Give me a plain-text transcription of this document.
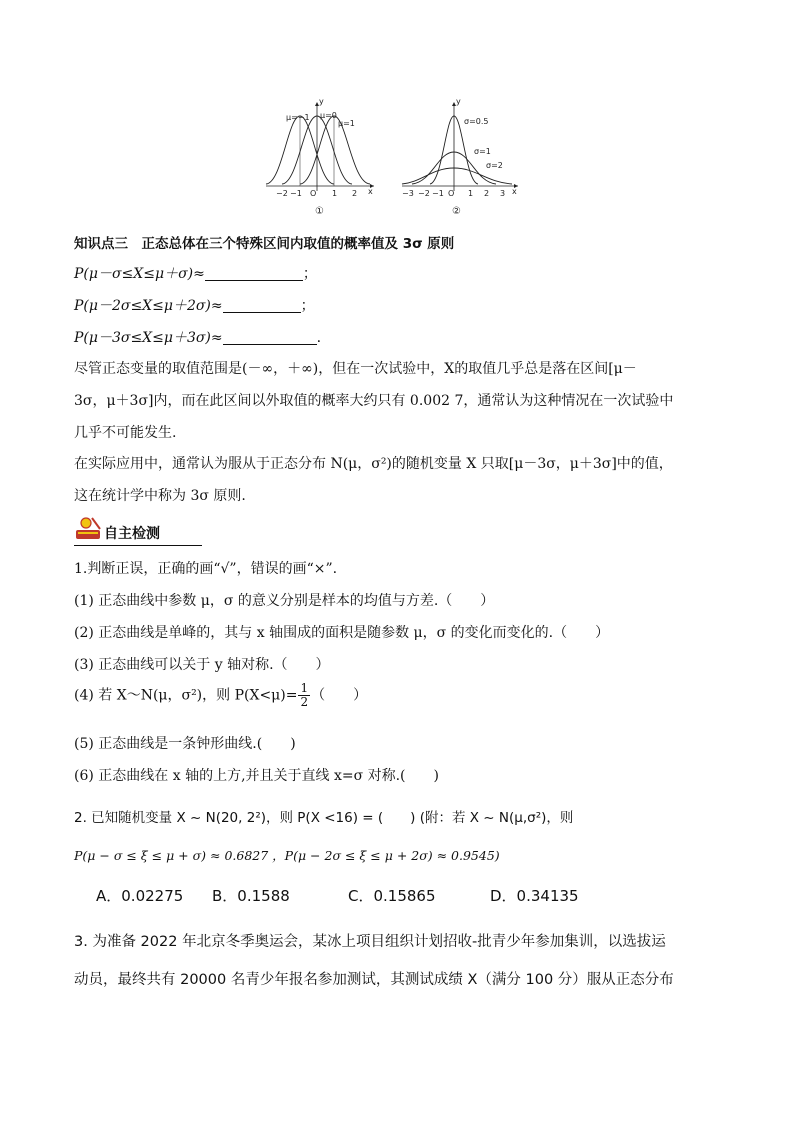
y
x
μ=−1 μ=0
μ=1
−2 −1 O 1 2
①
y
x
σ=0.5
σ=1
σ=2
−3 −2 −1 O 1 2 3
②
知识点三　正态总体在三个特殊区间内取值的概率值及 3σ 原则
P(μ－σ≤X≤μ＋σ)≈	；
P(μ－2σ≤X≤μ＋2σ)≈	；
P(μ－3σ≤X≤μ＋3σ)≈	.
尽管正态变量的取值范围是(－∞，＋∞)，但在一次试验中，X的取值几乎总是落在区间[μ－
3σ，μ＋3σ]内，而在此区间以外取值的概率大约只有 0.002 7，通常认为这种情况在一次试验中
几乎不可能发生.
在实际应用中，通常认为服从于正态分布 N(μ，σ²)的随机变量 X 只取[μ－3σ，μ＋3σ]中的值，
这在统计学中称为 3σ 原则.
自主检测
1.判断正误，正确的画“√”，错误的画“×”.
(1) 正态曲线中参数 μ，σ 的意义分别是样本的均值与方差.（　　）
(2) 正态曲线是单峰的，其与 x 轴围成的面积是随参数 μ，σ 的变化而变化的.（　　）
(3) 正态曲线可以关于 y 轴对称.（　　）
(4) 若 X～N(μ，σ²)，则 $P(X<\mu)= \frac{1}{2}$ （　　）
(5) 正态曲线是一条钟形曲线.(　　)
(6) 正态曲线在 x 轴的上方,并且关于直线 x=σ 对称.(　　)
2. 已知随机变量 X ~ N(20, 2²)，则 P(X <16) = (　　) (附：若 X ~ N(μ,σ²)，则
P(μ − σ ≤ ξ ≤ μ + σ) ≈ 0.6827 ，P(μ − 2σ ≤ ξ ≤ μ + 2σ) ≈ 0.9545)
A．0.02275 B．0.1588	C．0.15865	D．0.34135
3. 为准备 2022 年北京冬季奥运会，某冰上项目组织计划招收-批青少年参加集训，以选拔运
动员，最终共有 20000 名青少年报名参加测试，其测试成绩 X（满分 100 分）服从正态分布
